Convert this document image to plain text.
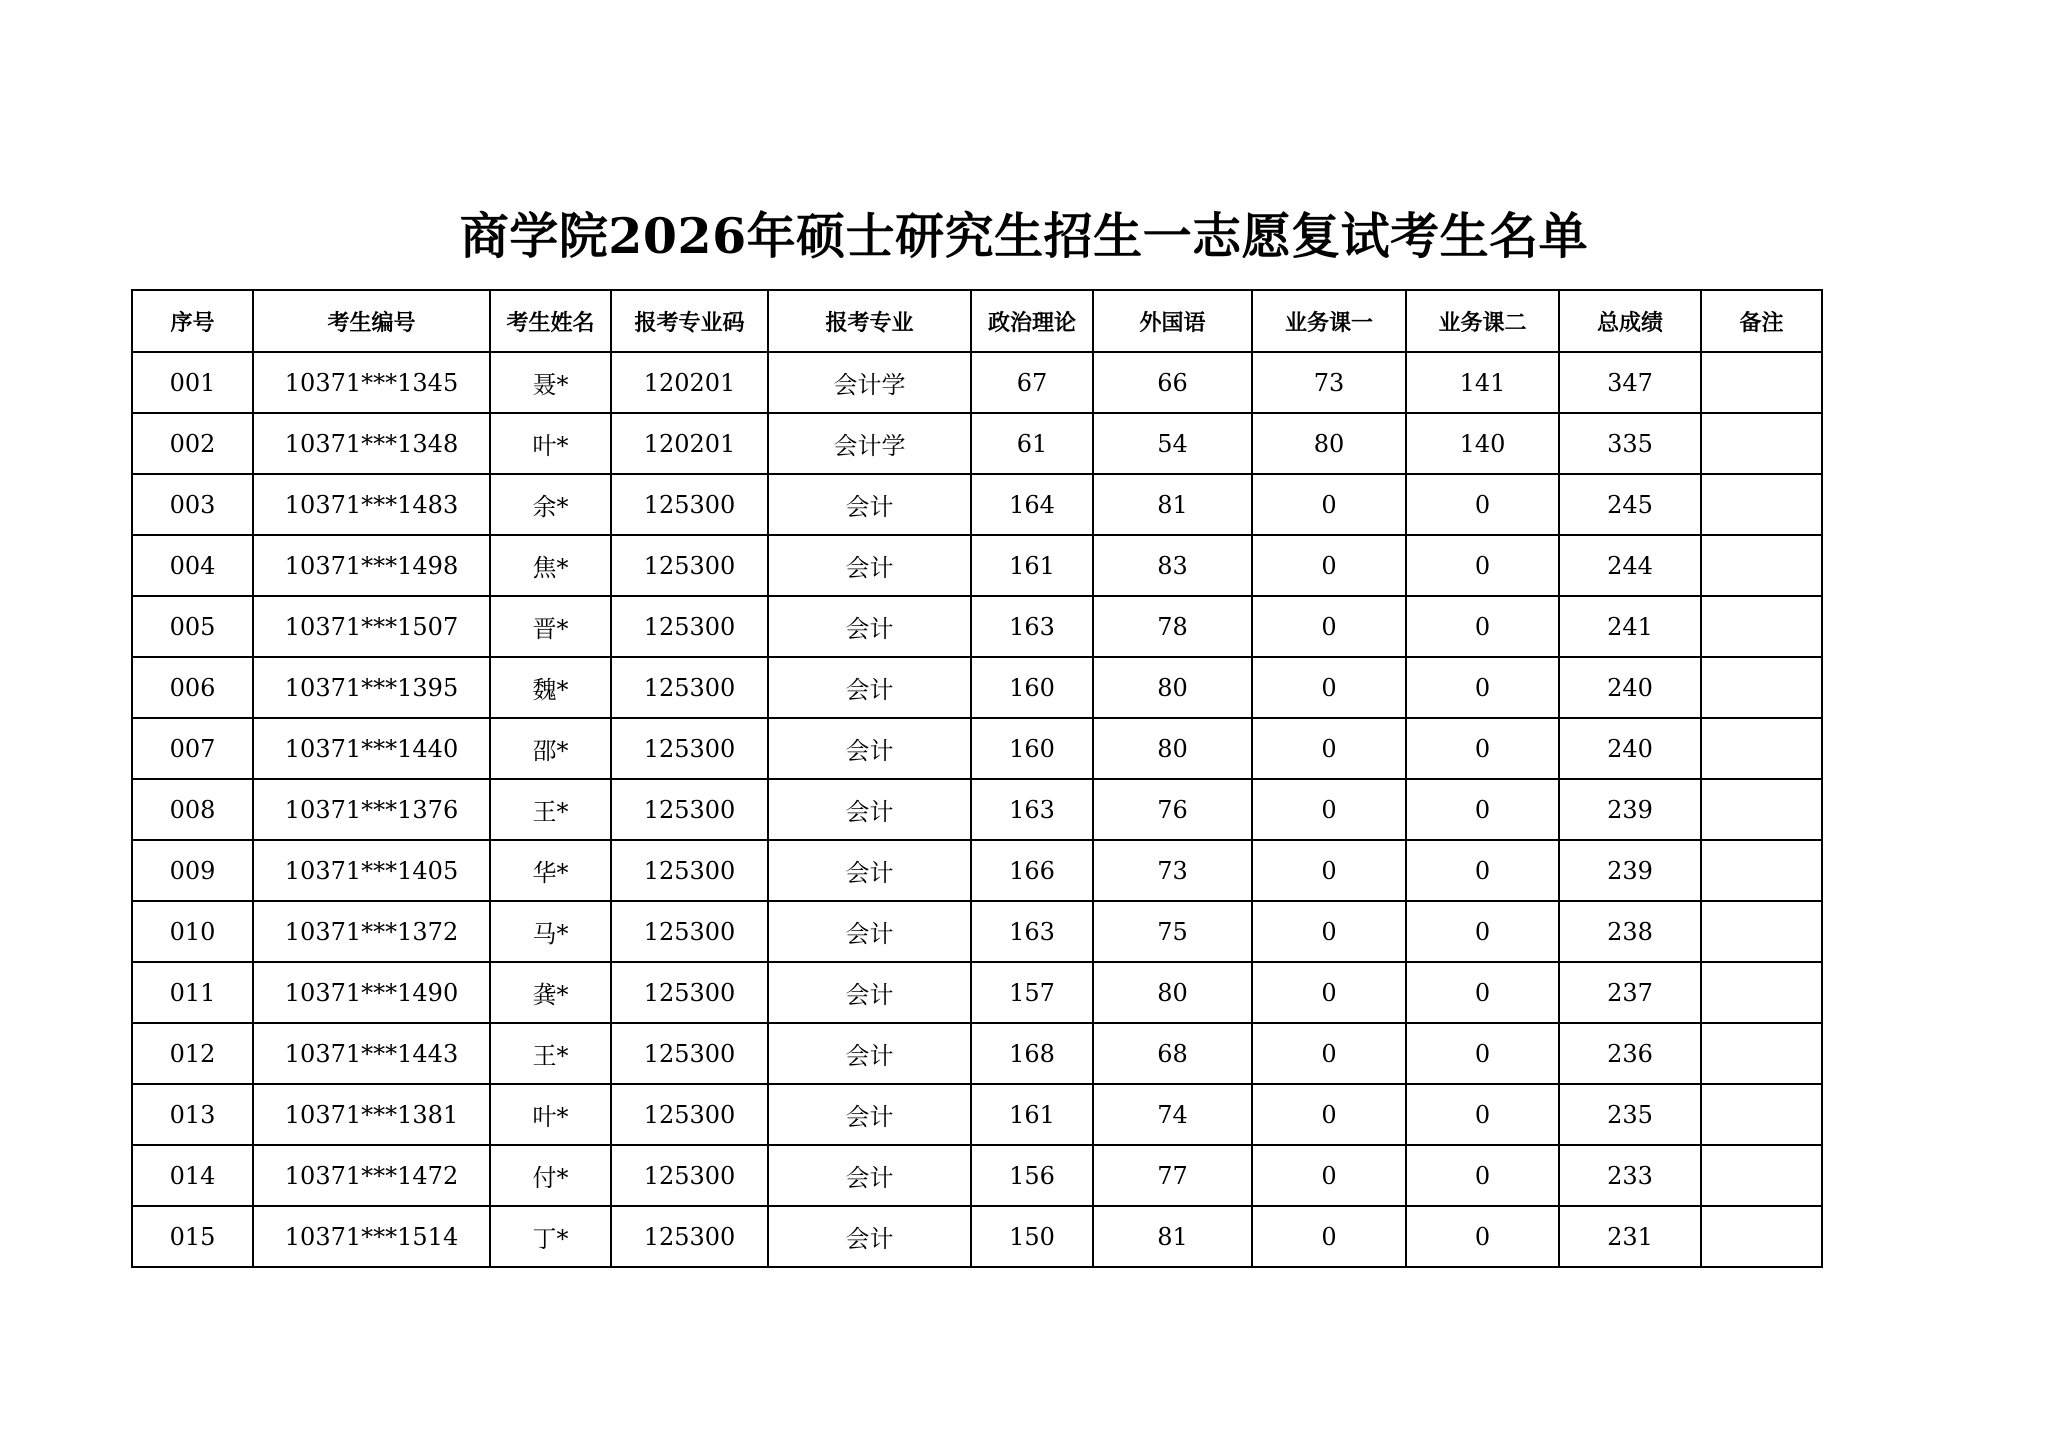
商学院2026年硕士研究生招生一志愿复试考生名单
序号	考生编号	考生姓名	报考专业码	报考专业	政治理论	外国语	业务课一	业务课二	总成绩	备注
001	10371***1345	聂*	120201	会计学	67	66	73	141	347	
002	10371***1348	叶*	120201	会计学	61	54	80	140	335	
003	10371***1483	余*	125300	会计	164	81	0	0	245	
004	10371***1498	焦*	125300	会计	161	83	0	0	244	
005	10371***1507	晋*	125300	会计	163	78	0	0	241	
006	10371***1395	魏*	125300	会计	160	80	0	0	240	
007	10371***1440	邵*	125300	会计	160	80	0	0	240	
008	10371***1376	王*	125300	会计	163	76	0	0	239	
009	10371***1405	华*	125300	会计	166	73	0	0	239	
010	10371***1372	马*	125300	会计	163	75	0	0	238	
011	10371***1490	龚*	125300	会计	157	80	0	0	237	
012	10371***1443	王*	125300	会计	168	68	0	0	236	
013	10371***1381	叶*	125300	会计	161	74	0	0	235	
014	10371***1472	付*	125300	会计	156	77	0	0	233	
015	10371***1514	丁*	125300	会计	150	81	0	0	231	
